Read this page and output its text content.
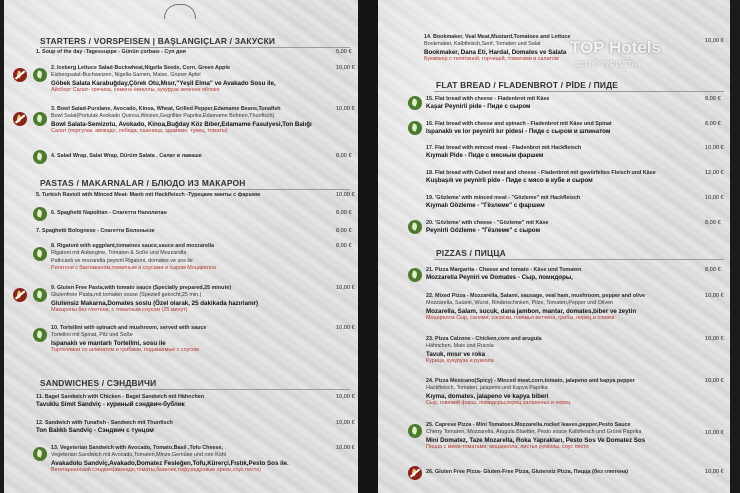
STARTERS / VORSPEISEN | BAŞLANGIÇLAR / ЗАКУСКИ
1. Soup of the day -Tagessuppe - Günün çorbası - Суп дня	5,00 €
2. Iceberg Lettuce Salad-Buckwheat,Nigella Seeds, Corn, Green Apple
Eisbergsalat-Buchweizen, Nigella-Samen, Maise, Gruner Apfel
Göbek Salata Karabuğday,Çörek Otu,Mısır,"Yeşil Elma" ve Avakado Sosu ile,
Айсберг Салат- гречиха, семена нигеллы, кукуруза зеленое яблоко
10,00 €
3. Bowl Salad-Purslane, Avocado, Kinoa, Wheat, Grilled Pepper,Edamame Beans,Tunafish
Bowl Salat(Portulak Avokado Quinoa,Weizen,Gegrillter Paprika,Edamame Bohnen,Thunfisch)
Bowl Salata-Semizotu, Avokado, Kinoa,Buğday Köz Biber,Edamame Fasulyesi,Ton Balığı
Салат (портулак, авокадо, лебеда, пшеница, эдамаме, тунец, томаты)
10,00 €
4. Salad Wrap, Salat Wrap, Dürüm Salata , Салат в лаваше	8,00 €
PASTAS / MAKARNALAR / БЛЮДО ИЗ МАКАРОН
5. Turkish Ravioli with Minced Meat- Mantı mit Hackfleisch -Турецкие манты с фаршем	10,00 €
6. Spaghetti Napolitan - Спагетти Наполитан	8,00 €
7. Spaghetti Bolognese - Спагетти Болоньезе	8,00 €
8. Rigatoni with eggplant,tomatoes sauce,sauce and mozzarella
Rigatoni mit Aubergine, Tomaten & Soße und Mozzarella
Patlıcanlı ve mozarella peynirli Rigatoni, domates ve sos ile
Ригатони с баклажаном,томатным и соусами и сыром Моцарелла
8,00 €
9. Gluten Free Pasta,with tomato sauce (Specially prepared,25 minute)
Glutenfreie Pasta,mit tomaten sosse (Speziell gekocht,25 min.)
Glutensiz Makarna,Domates soslu (Özel olarak, 25 dakikada hazırlanır)
Макароны без глютена, с томатным соусом (25 минут)
10,00 €
10. Tortellini with spinach and mushroom, served with sauce
Tortellini mit Spinat, Pilz und Soße
Ispanaklı ve mantarlı Tortellini, sosu ile
Тортеллини со шпинатом и грибами, подаваемые с соусом
10,00 €
SANDWICHES / СЭНДВИЧИ
11. Bagel Sandwich with Chicken - Bagel Sandwich mit Hähnchen
Tavuklu Simit Sandviç - куриный сэндвич-бублик
10,00 €
12. Sandwich with Tunafish - Sandwich mit Thunfisch
Ton Balıklı Sandviç - Сэндвич с тунцом
10,00 €
13. Vegeterian Sandwich with Avocado, Tomato,Basil ,Tofu Cheese,
Vegeterian Sandwich mit Avocado,Tomaten,Minze,Gemüse und rote Kohl
Avakadolu Sandviç,Avakado,Domatez Fesleğen,Tofu,Kürerçi,Fıstık,Pesto Sos ile.
Вегетарианский сэндвич(авокадо,томаты,базилик,тофу,кедровые орехи,соус песто)
10,00 €
14. Bookmaker, Veal Meat,Mustard,Tomatoes and Lettuce
Bookmaker, Kalbfleisch,Senf, Tomaten und Salat
Bookmaker, Dana Eti, Hardal, Domates ve Salata
Букмекер с телятиной, горчицей, томатами и салатом
10,00 €
FLAT BREAD / FLADENBROT / PİDE / ПИДЕ
15. Flat bread with cheese - Fladenbrot mit Käse
Kaşar Peynirli pide - Пиде с сыром
8,00 €
16. Flat bread with cheese and spinach - Fladenbrot mit Käse und Spinat
Ispanaklı ve lor peynirli kır pidesi - Пиде с сыром и шпинатом
8,00 €
17. Flat bread with minced meat - Fladenbrot mit Hackfleisch
Kıymalı Pide - Пиде с мясным фаршем
10,00 €
18. Flat bread with Cubed meat and cheese - Fladenbrot mit gewürfeltes Fleisch und Käse
Kuşbaşılı ve peynirli pide - Пиде с мясо в кубе и сыром
12,00 €
19. 'Gözleme' with minced meat - "Gözleme" mit Hackfleisch
Kıymalı Gözleme - "Гёзлеме" с фаршем
10,00 €
20. 'Gözleme' with cheese - "Gözleme" mit Käse
Peynirli Gözleme - "Гёзлеме" с сыром
8,00 €
PIZZAS / ПИЦЦА
21. Pizza Margarita - Cheese and tomato - Käse und Tomaten
Mozzarella Peyniri ve Domates - Сыр, помидоры,
8,00 €
22. Mixed Pizza - Mozzarella, Salami, sausage, veal ham, mushroom, pepper and olive
Mozzarella, Salami, Wurst, Rinderschinken, Pilze, Tomaten,Pepper und Oliven
Mozarella, Salam, sucuk, dana jambon, mantar, domates,biber ve zeytin
Моцарелла Сыр, салями, сосиски, говяжья ветчина, грибы, перец и оливки
10,00 €
23. Pizza Calzone - Chicken,corn and arugula
Hähnchen, Mais und Rucola
Tavuk, mısır ve roka
Курица, кукуруза и руккола
10,00 €
24. Pizza Mexicano(Spicy) - Minced meat,corn,tomato, jalapeno and kapya pepper
Hackfleisch, Tomaten, jalapeno und Kapya Paprika
Kıyma, domates, jalapeno ve kapya biberi
Сыр, говяжий фарш, помидоры,перец халапеньо и перец
10,00 €
25. Caprese Pizza - Mini Tomatoes,Mozzarella,rocket leaves,pepper,Pesto Sauce
Cherry Tomaten, Mozzarella, Arugula Blaetter, Pesto souce Kalbfleisch und Grüne Paprika
Mini Domatez, Taze Mozarella, Roka Yaprakları, Pesto Sos Ve Domatez Sos
Пицца с мини-томатами, моцарелла, листья рукколы, соус песто
10,00 €
26. Gluten Free Pizza- Gluten-Free Pizza, Glutensiz Pizza, Пицца (без глютена)	10,00 €
TOP Hotels
ФОТО ТУРИСТА
